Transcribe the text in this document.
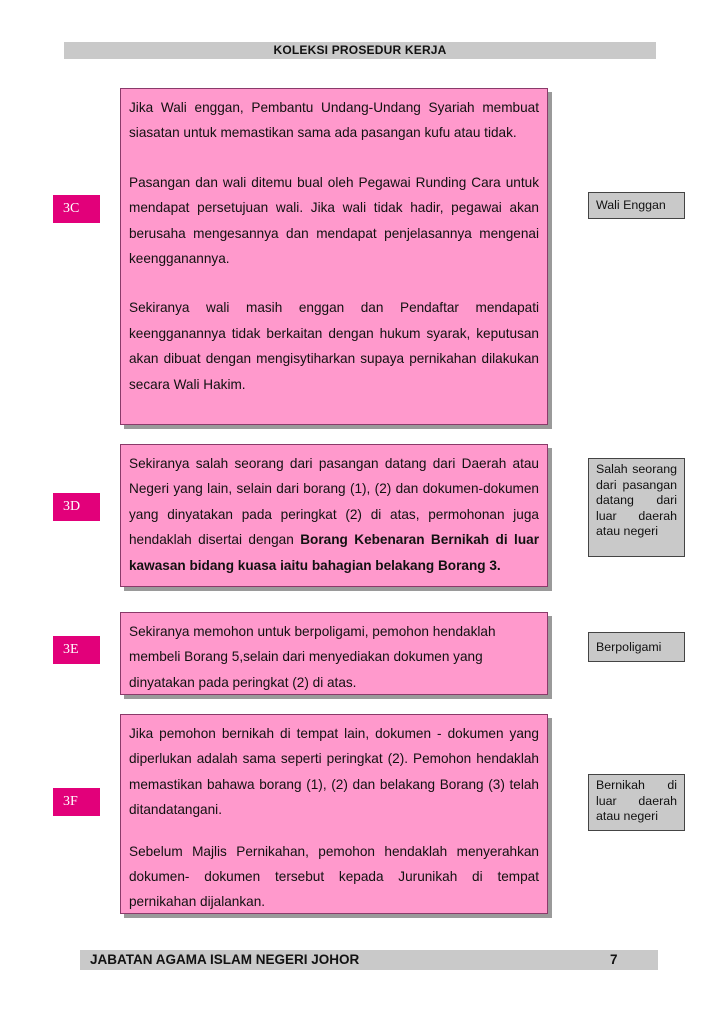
KOLEKSI PROSEDUR KERJA

Jika Wali enggan, Pembantu Undang-Undang Syariah membuat siasatan untuk memastikan sama ada pasangan kufu atau tidak.

Pasangan dan wali ditemu bual oleh Pegawai Runding Cara untuk mendapat persetujuan wali. Jika wali tidak hadir, pegawai akan berusaha mengesannya dan mendapat penjelasannya mengenai keengganannya.

Sekiranya wali masih enggan dan Pendaftar mendapati keengganannya tidak berkaitan dengan hukum syarak, keputusan akan dibuat dengan mengisytiharkan supaya pernikahan dilakukan secara Wali Hakim.

3C	Wali Enggan

Sekiranya salah seorang dari pasangan datang dari Daerah atau Negeri yang lain, selain dari borang (1), (2) dan dokumen-dokumen yang dinyatakan pada peringkat (2) di atas, permohonan juga hendaklah disertai dengan Borang Kebenaran Bernikah di luar kawasan bidang kuasa iaitu bahagian belakang Borang 3.

3D
Salah seorang dari pasangan datang dari luar daerah atau negeri

Sekiranya memohon untuk berpoligami, pemohon hendaklah membeli Borang 5,selain dari menyediakan dokumen yang dinyatakan pada peringkat (2) di atas.

3E	Berpoligami

Jika pemohon bernikah di tempat lain, dokumen - dokumen yang diperlukan adalah sama seperti peringkat (2). Pemohon hendaklah memastikan bahawa borang (1), (2) dan belakang Borang (3) telah ditandatangani.

Sebelum Majlis Pernikahan, pemohon hendaklah menyerahkan dokumen- dokumen tersebut kepada Jurunikah di tempat pernikahan dijalankan.

3F
Bernikah di luar daerah atau negeri
JABATAN AGAMA ISLAM NEGERI JOHOR	7
